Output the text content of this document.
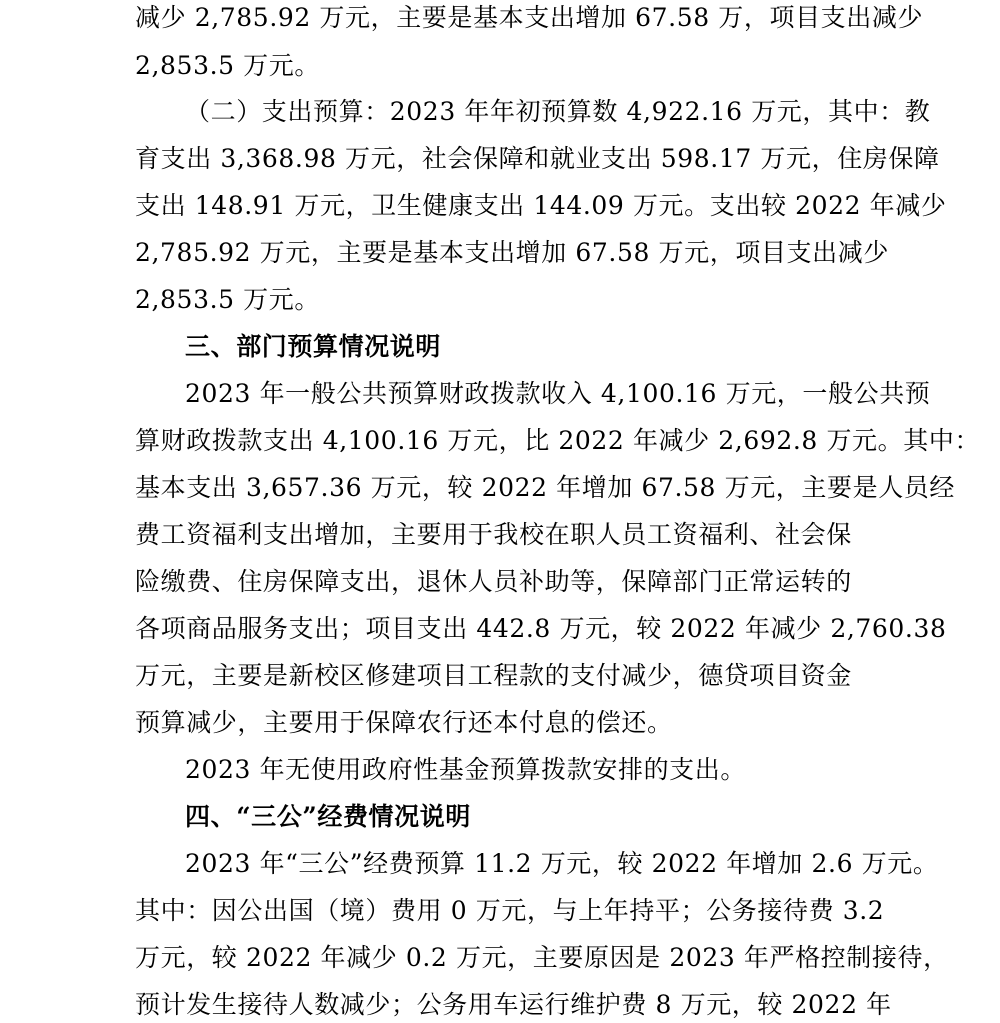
减少 2,785.92 万元，主要是基本支出增加 67.58 万，项目支出减少
2,853.5 万元。
（二）支出预算：2023 年年初预算数 4,922.16 万元，其中：教
育支出 3,368.98 万元，社会保障和就业支出 598.17 万元，住房保障
支出 148.91 万元，卫生健康支出 144.09 万元。支出较 2022 年减少
2,785.92 万元，主要是基本支出增加 67.58 万元，项目支出减少
2,853.5 万元。
三、部门预算情况说明
2023 年一般公共预算财政拨款收入 4,100.16 万元，一般公共预
算财政拨款支出 4,100.16 万元，比 2022 年减少 2,692.8 万元。其中：
基本支出 3,657.36 万元，较 2022 年增加 67.58 万元，主要是人员经
费工资福利支出增加，主要用于我校在职人员工资福利、社会保
险缴费、住房保障支出，退休人员补助等，保障部门正常运转的
各项商品服务支出；项目支出 442.8 万元，较 2022 年减少 2,760.38
万元，主要是新校区修建项目工程款的支付减少，德贷项目资金
预算减少，主要用于保障农行还本付息的偿还。
2023 年无使用政府性基金预算拨款安排的支出。
四、“三公”经费情况说明
2023 年“三公”经费预算 11.2 万元，较 2022 年增加 2.6 万元。
其中：因公出国（境）费用 0 万元，与上年持平；公务接待费 3.2
万元，较 2022 年减少 0.2 万元，主要原因是 2023 年严格控制接待，
预计发生接待人数减少；公务用车运行维护费 8 万元，较 2022 年
